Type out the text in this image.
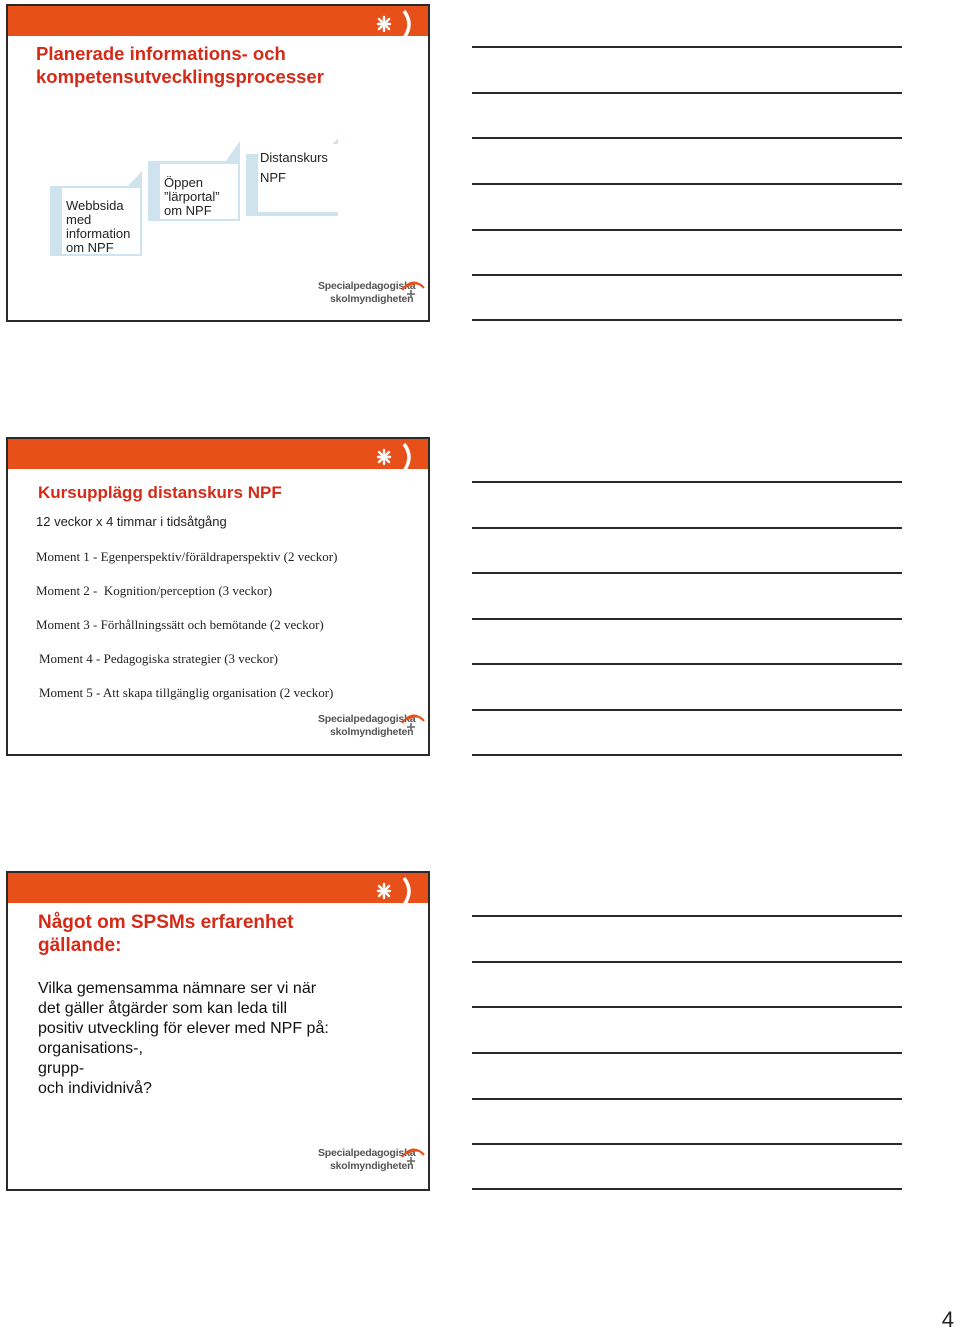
Planerade informations- och kompetensutvecklingsprocesser
Webbsida
med
information
om NPF
Öppen
”lärportal”
om NPF
Distanskurs
NPF
Specialpedagogiska
skolmyndigheten
Kursupplägg distanskurs NPF
12 veckor x 4 timmar i tidsåtgång
Moment 1 - Egenperspektiv/föräldraperspektiv (2 veckor)
Moment 2 -  Kognition/perception (3 veckor)
Moment 3 - Förhållningssätt och bemötande (2 veckor)
Moment 4 - Pedagogiska strategier (3 veckor)
Moment 5 - Att skapa tillgänglig organisation (2 veckor)
Specialpedagogiska
skolmyndigheten
Något om SPSMs erfarenhet
gällande:
Vilka gemensamma nämnare ser vi när
det gäller åtgärder som kan leda till
positiv utveckling för elever med NPF på:
organisations-,
grupp-
och individnivå?
Specialpedagogiska
skolmyndigheten
4
